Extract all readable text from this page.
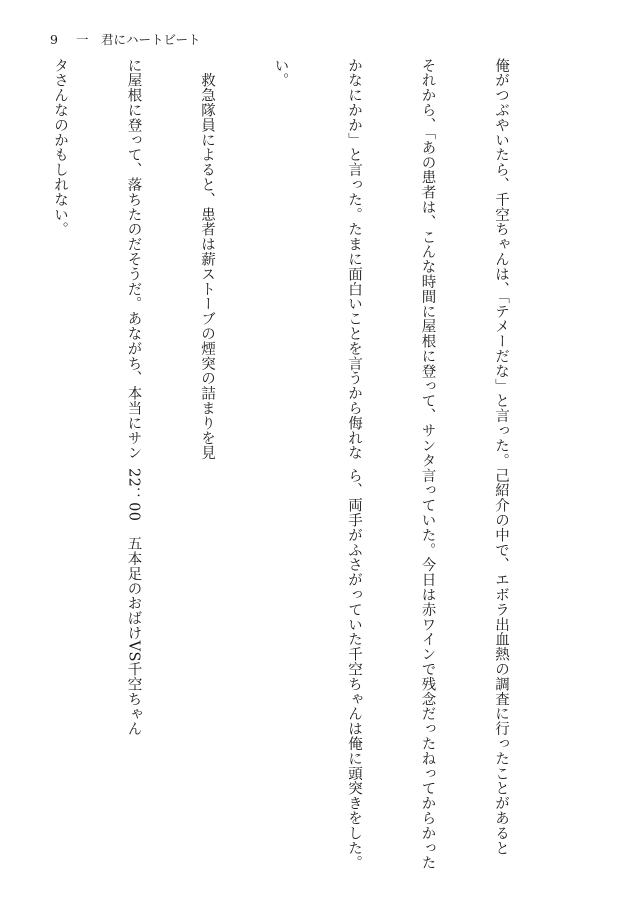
9 一　君にハートビート

俺がつぶやいたら、千空ちゃんは、「テメーだな」と言った。

それから、「あの患者は、こんな時間に屋根に登って、サンタ

かなにかか」と言った。たまに面白いことを言うから侮れな

い。

　救急隊員によると、患者は薪ストーブの煙突の詰まりを見

に屋根に登って、落ちたのだそうだ。あながち、本当にサン

タさんなのかもしれない。

己紹介の中で、エボラ出血熱の調査に行ったことがあると

言っていた。今日は赤ワインで残念だったねってからかった

ら、両手がふさがっていた千空ちゃんは俺に頭突きをした。

22：00　五本足のおばけVS千空ちゃん
